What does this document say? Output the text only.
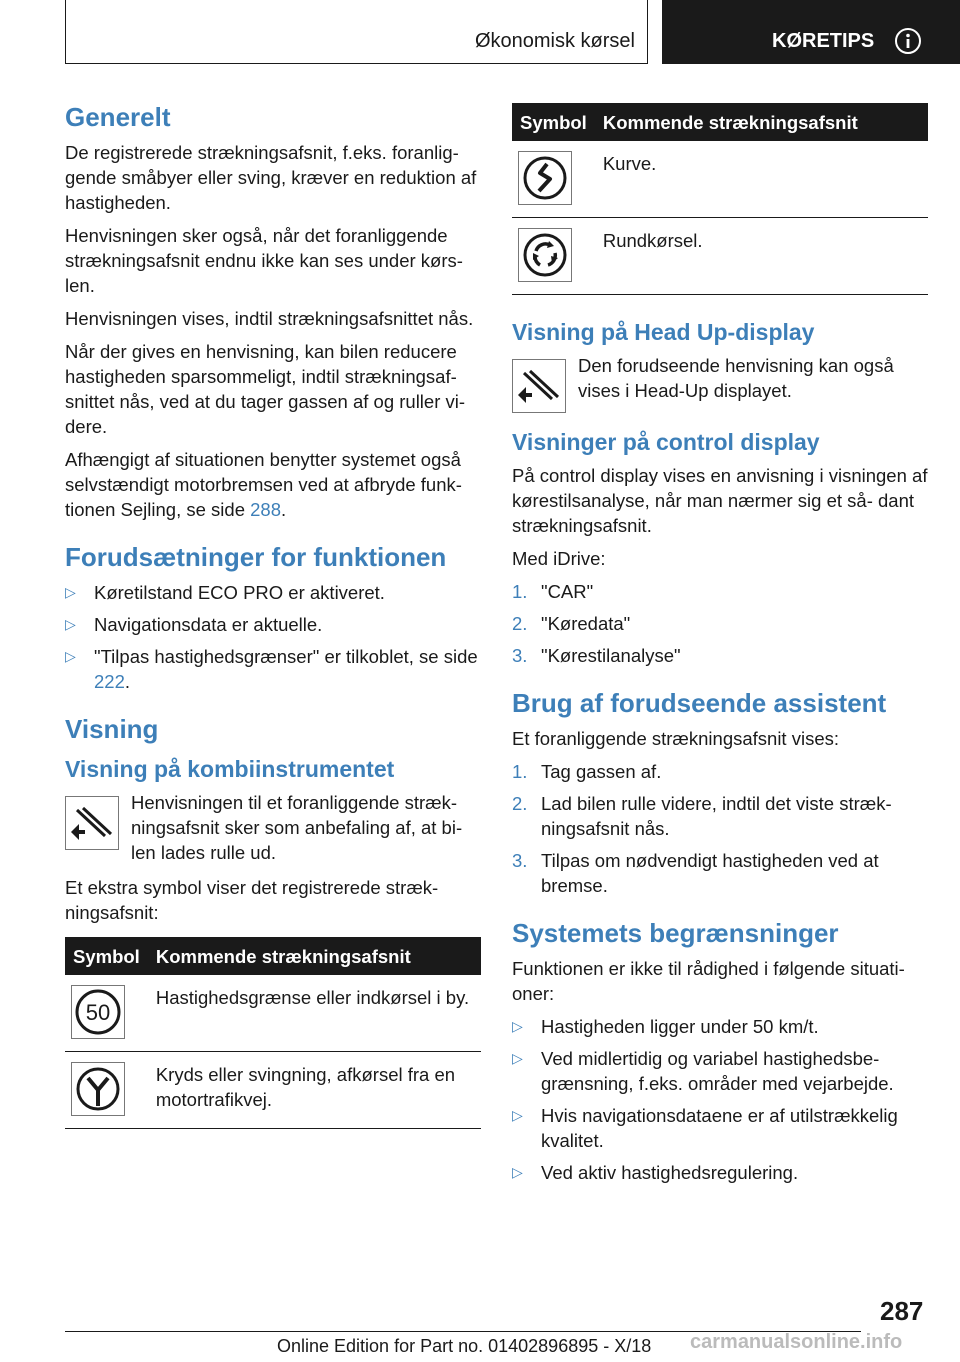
Økonomisk kørsel	KØRETIPS
Generelt

De registrerede strækningsafsnit, f.eks. foranlig‐ gende småbyer eller sving, kræver en reduktion af hastigheden.

Henvisningen sker også, når det foranliggende strækningsafsnit endnu ikke kan ses under kørs‐ len.

Henvisningen vises, indtil strækningsafsnittet nås.

Når der gives en henvisning, kan bilen reducere hastigheden sparsommeligt, indtil strækningsaf‐ snittet nås, ved at du tager gassen af og ruller vi‐ dere.

Afhængigt af situationen benytter systemet også selvstændigt motorbremsen ved at afbryde funk‐ tionen Sejling, se side 288.

Forudsætninger for funktionen
▷ Køretilstand ECO PRO er aktiveret.
▷ Navigationsdata er aktuelle.
▷ "Tilpas hastighedsgrænser" er tilkoblet, se side 222.
Visning
Visning på kombiinstrumentet
Henvisningen til et foranliggende stræk‐ ningsafsnit sker som anbefaling af, at bi‐ len lades rulle ud.

Et ekstra symbol viser det registrerede stræk‐ ningsafsnit:

Symbol	Kommende strækningsafsnit

50	Hastighedsgrænse eller indkørsel i by.

	Kryds eller svingning, afkørsel fra en motortrafikvej.
Symbol	Kommende strækningsafsnit

	Kurve.

	Rundkørsel.
Visning på Head Up-display
Den forudseende henvisning kan også vises i Head-Up displayet.
Visninger på control display

På control display vises en anvisning i visningen af kørestilsanalyse, når man nærmer sig et så‐ dant strækningsafsnit.

Med iDrive:

1. "CAR"
2. "Køredata"
3. "Kørestilanalyse"
Brug af forudseende assistent

Et foranliggende strækningsafsnit vises:

1. Tag gassen af.
2. Lad bilen rulle videre, indtil det viste stræk‐ ningsafsnit nås.
3. Tilpas om nødvendigt hastigheden ved at bremse.
Systemets begrænsninger

Funktionen er ikke til rådighed i følgende situati‐ oner:

▷ Hastigheden ligger under 50 km/t.
▷ Ved midlertidig og variabel hastighedsbe‐ grænsning, f.eks. områder med vejarbejde.
▷ Hvis navigationsdataene er af utilstrækkelig kvalitet.
▷ Ved aktiv hastighedsregulering.
287
Online Edition for Part no. 01402896895 - X/18 carmanualsonline.info
